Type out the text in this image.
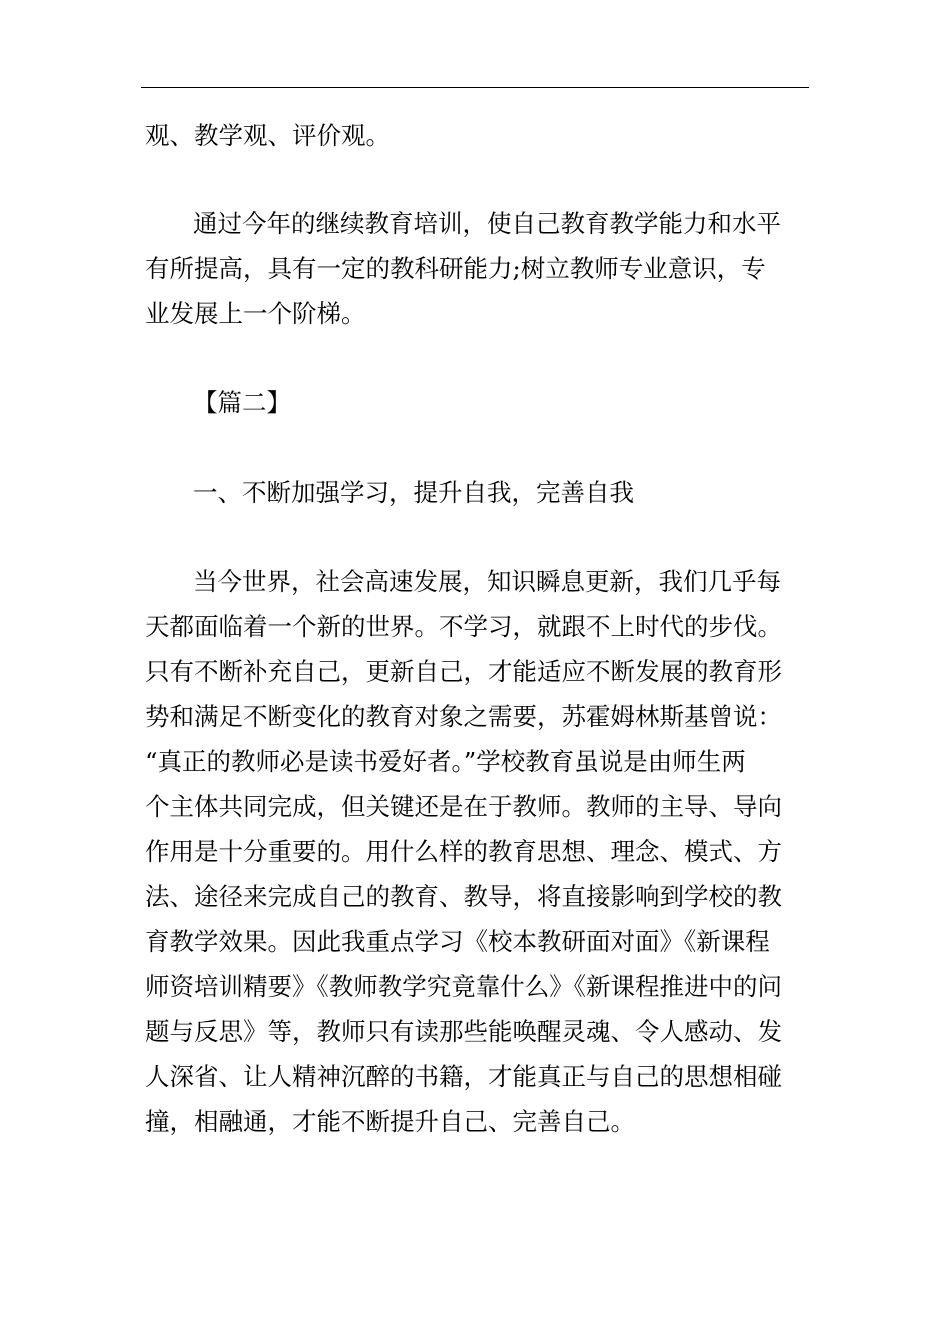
观、教学观、评价观。
通过今年的继续教育培训，使自己教育教学能力和水平
有所提高，具有一定的教科研能力;树立教师专业意识，专
业发展上一个阶梯。
【篇二】
一、不断加强学习，提升自我，完善自我
当今世界，社会高速发展，知识瞬息更新，我们几乎每
天都面临着一个新的世界。不学习，就跟不上时代的步伐。
只有不断补充自己，更新自己，才能适应不断发展的教育形
势和满足不断变化的教育对象之需要，苏霍姆林斯基曾说：
“真正的教师必是读书爱好者。”学校教育虽说是由师生两
个主体共同完成，但关键还是在于教师。教师的主导、导向
作用是十分重要的。用什么样的教育思想、理念、模式、方
法、途径来完成自己的教育、教导，将直接影响到学校的教
育教学效果。因此我重点学习《校本教研面对面》《新课程
师资培训精要》《教师教学究竟靠什么》《新课程推进中的问
题与反思》等，教师只有读那些能唤醒灵魂、令人感动、发
人深省、让人精神沉醉的书籍，才能真正与自己的思想相碰
撞，相融通，才能不断提升自己、完善自己。
